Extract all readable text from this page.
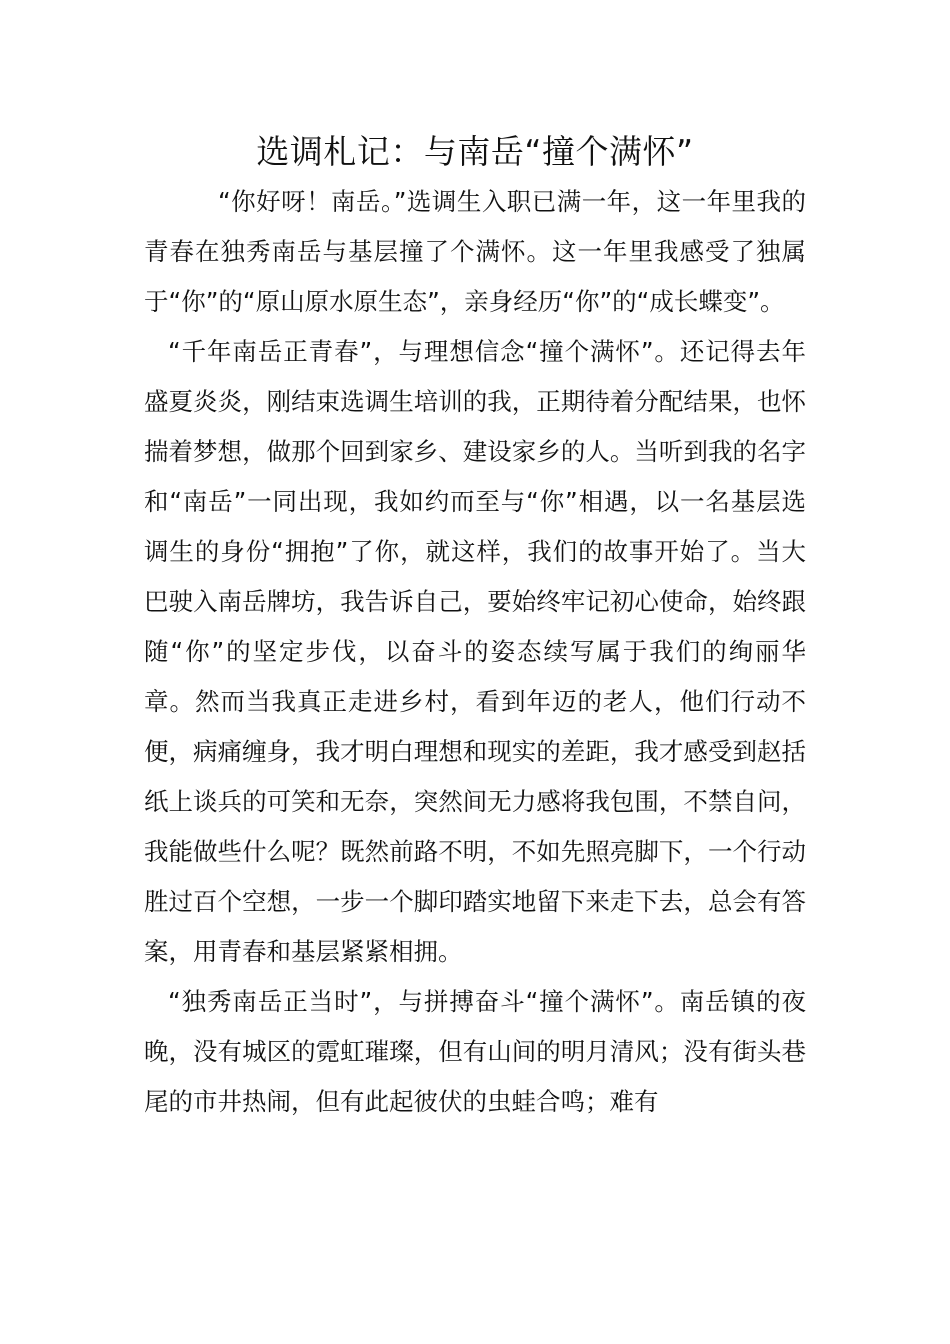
选调札记：与南岳“撞个满怀”

“你好呀！南岳。”选调生入职已满一年，这一年里我的青春在独秀南岳与基层撞了个满怀。这一年里我感受了独属于“你”的“原山原水原生态”，亲身经历“你”的“成长蝶变”。

“千年南岳正青春”，与理想信念“撞个满怀”。还记得去年盛夏炎炎，刚结束选调生培训的我，正期待着分配结果，也怀揣着梦想，做那个回到家乡、建设家乡的人。当听到我的名字和“南岳”一同出现，我如约而至与“你”相遇，以一名基层选调生的身份“拥抱”了你，就这样，我们的故事开始了。当大巴驶入南岳牌坊，我告诉自己，要始终牢记初心使命，始终跟随“你”的坚定步伐，以奋斗的姿态续写属于我们的绚丽华章。然而当我真正走进乡村，看到年迈的老人，他们行动不便，病痛缠身，我才明白理想和现实的差距，我才感受到赵括纸上谈兵的可笑和无奈，突然间无力感将我包围，不禁自问，我能做些什么呢？既然前路不明，不如先照亮脚下，一个行动胜过百个空想，一步一个脚印踏实地留下来走下去，总会有答案，用青春和基层紧紧相拥。

“独秀南岳正当时”，与拼搏奋斗“撞个满怀”。南岳镇的夜晚，没有城区的霓虹璀璨，但有山间的明月清风；没有街头巷尾的市井热闹，但有此起彼伏的虫蛙合鸣；难有
